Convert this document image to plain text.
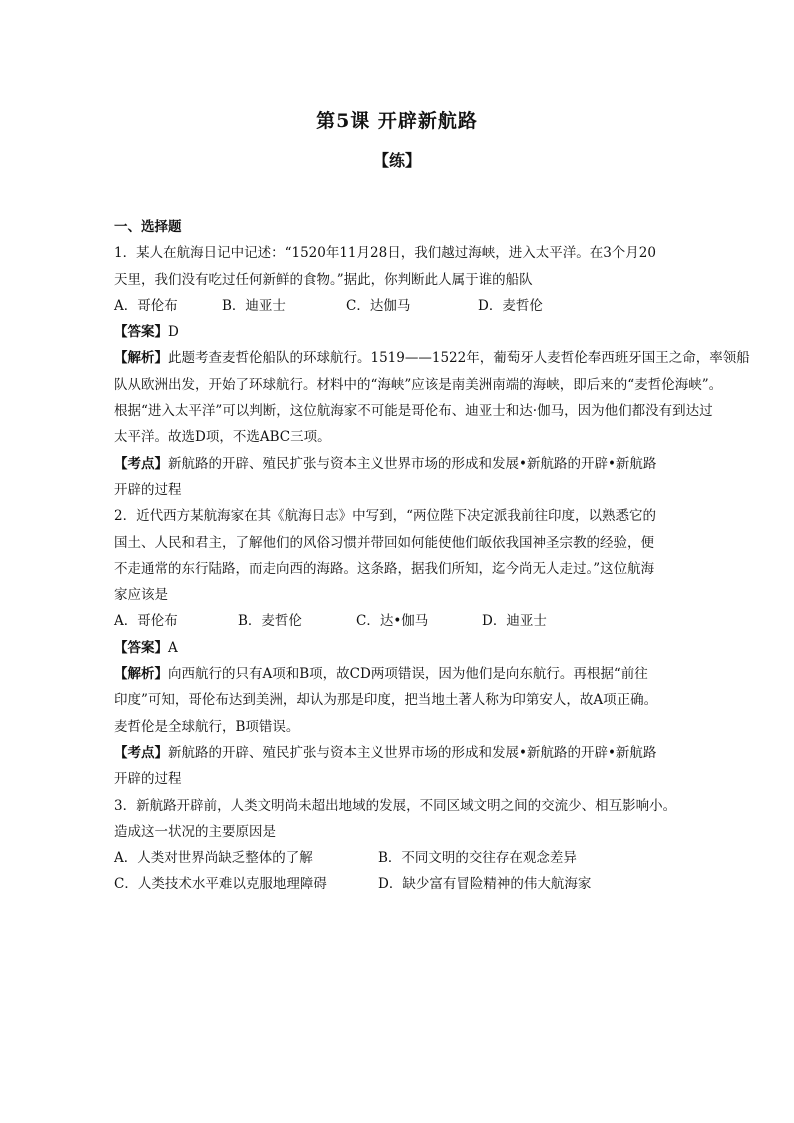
第5课 开辟新航路
【练】
一、选择题
1．某人在航海日记中记述：“1520年11月28日，我们越过海峡，进入太平洋。在3个月20
天里，我们没有吃过任何新鲜的食物。”据此，你判断此人属于谁的船队
A．哥伦布	B．迪亚士	C．达伽马	D．麦哲伦
【答案】D
【解析】此题考查麦哲伦船队的环球航行。1519——1522年，葡萄牙人麦哲伦奉西班牙国王之命，率领船
队从欧洲出发，开始了环球航行。材料中的“海峡”应该是南美洲南端的海峡，即后来的“麦哲伦海峡”。
根据“进入太平洋”可以判断，这位航海家不可能是哥伦布、迪亚士和达·伽马，因为他们都没有到达过
太平洋。故选D项，不选ABC三项。
【考点】新航路的开辟、殖民扩张与资本主义世界市场的形成和发展•新航路的开辟•新航路
开辟的过程
2．近代西方某航海家在其《航海日志》中写到，“两位陛下决定派我前往印度，以熟悉它的
国土、人民和君主，了解他们的风俗习惯并带回如何能使他们皈依我国神圣宗教的经验，便
不走通常的东行陆路，而走向西的海路。这条路，据我们所知，迄今尚无人走过。”这位航海
家应该是
A．哥伦布	B．麦哲伦	C．达•伽马	D．迪亚士
【答案】A
【解析】向西航行的只有A项和B项，故CD两项错误，因为他们是向东航行。再根据“前往
印度”可知，哥伦布达到美洲，却认为那是印度，把当地土著人称为印第安人，故A项正确。
麦哲伦是全球航行，B项错误。
【考点】新航路的开辟、殖民扩张与资本主义世界市场的形成和发展•新航路的开辟•新航路
开辟的过程
3．新航路开辟前，人类文明尚未超出地域的发展，不同区域文明之间的交流少、相互影响小。
造成这一状况的主要原因是
A．人类对世界尚缺乏整体的了解	B．不同文明的交往存在观念差异
C．人类技术水平难以克服地理障碍	D．缺少富有冒险精神的伟大航海家
